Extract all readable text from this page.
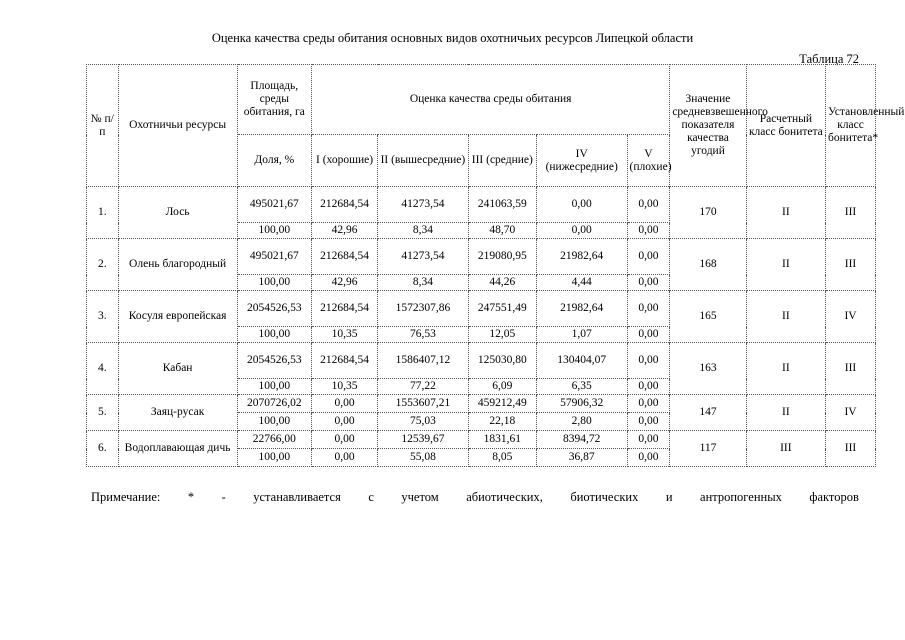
Оценка качества среды обитания основных видов охотничьих ресурсов Липецкой области
Таблица 72
№ п/п	Охотничьи ресурсы	Площадь, среды обитания, га	Оценка качества среды обитания					Значение средневзвешенного показателя качества угодий	Расчетный класс бонитета	Установленный класс бонитета*
		Доля, %	I (хорошие)	II (вышесредние)	III (средние)	IV (нижесредние)	V (плохие)			
1.	Лось	495021,67	212684,54	41273,54	241063,59	0,00	0,00	170	II	III
		100,00	42,96	8,34	48,70	0,00	0,00			
2.	Олень благородный	495021,67	212684,54	41273,54	219080,95	21982,64	0,00	168	II	III
		100,00	42,96	8,34	44,26	4,44	0,00			
3.	Косуля европейская	2054526,53	212684,54	1572307,86	247551,49	21982,64	0,00	165	II	IV
		100,00	10,35	76,53	12,05	1,07	0,00			
4.	Кабан	2054526,53	212684,54	1586407,12	125030,80	130404,07	0,00	163	II	III
		100,00	10,35	77,22	6,09	6,35	0,00			
5.	Заяц-русак	2070726,02	0,00	1553607,21	459212,49	57906,32	0,00	147	II	IV
		100,00	0,00	75,03	22,18	2,80	0,00			
6.	Водоплавающая дичь	22766,00	0,00	12539,67	1831,61	8394,72	0,00	117	III	III
		100,00	0,00	55,08	8,05	36,87	0,00			
Примечание: * - устанавливается с учетом абиотических, биотических и антропогенных факторов
